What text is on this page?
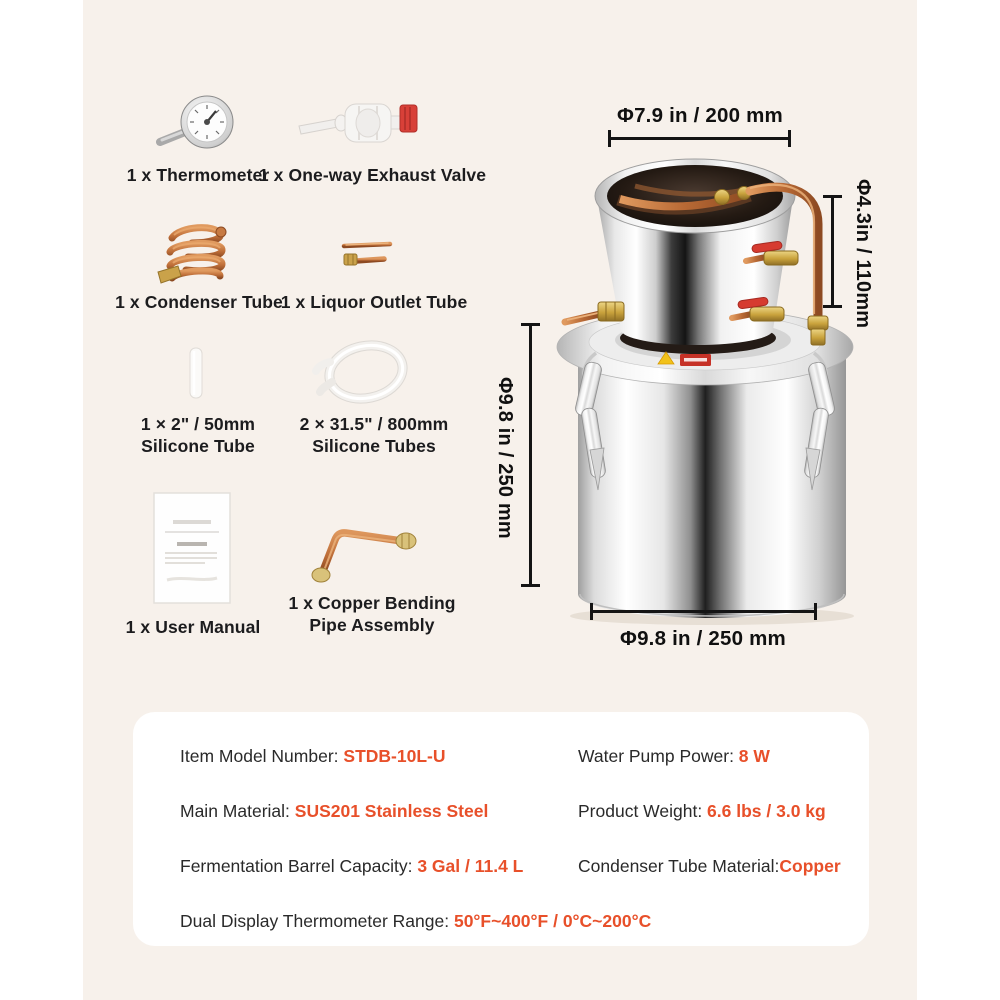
1 x Thermometer
1 x One-way Exhaust Valve
1 x Condenser Tube
1 x Liquor Outlet Tube
1 × 2" / 50mm
Silicone Tube
2 × 31.5" / 800mm
Silicone Tubes
1 x User Manual
1 x Copper Bending
Pipe Assembly
Φ7.9 in / 200 mm
Φ4.3in / 110mm
Φ9.8 in / 250 mm
Φ9.8 in / 250 mm
Item Model Number: STDB-10L-U	Water Pump Power: 8 W
Main Material: SUS201 Stainless Steel	Product Weight: 6.6 lbs / 3.0 kg
Fermentation Barrel Capacity: 3 Gal / 11.4 L	Condenser Tube Material:Copper
Dual Display Thermometer Range: 50°F~400°F / 0°C~200°C
